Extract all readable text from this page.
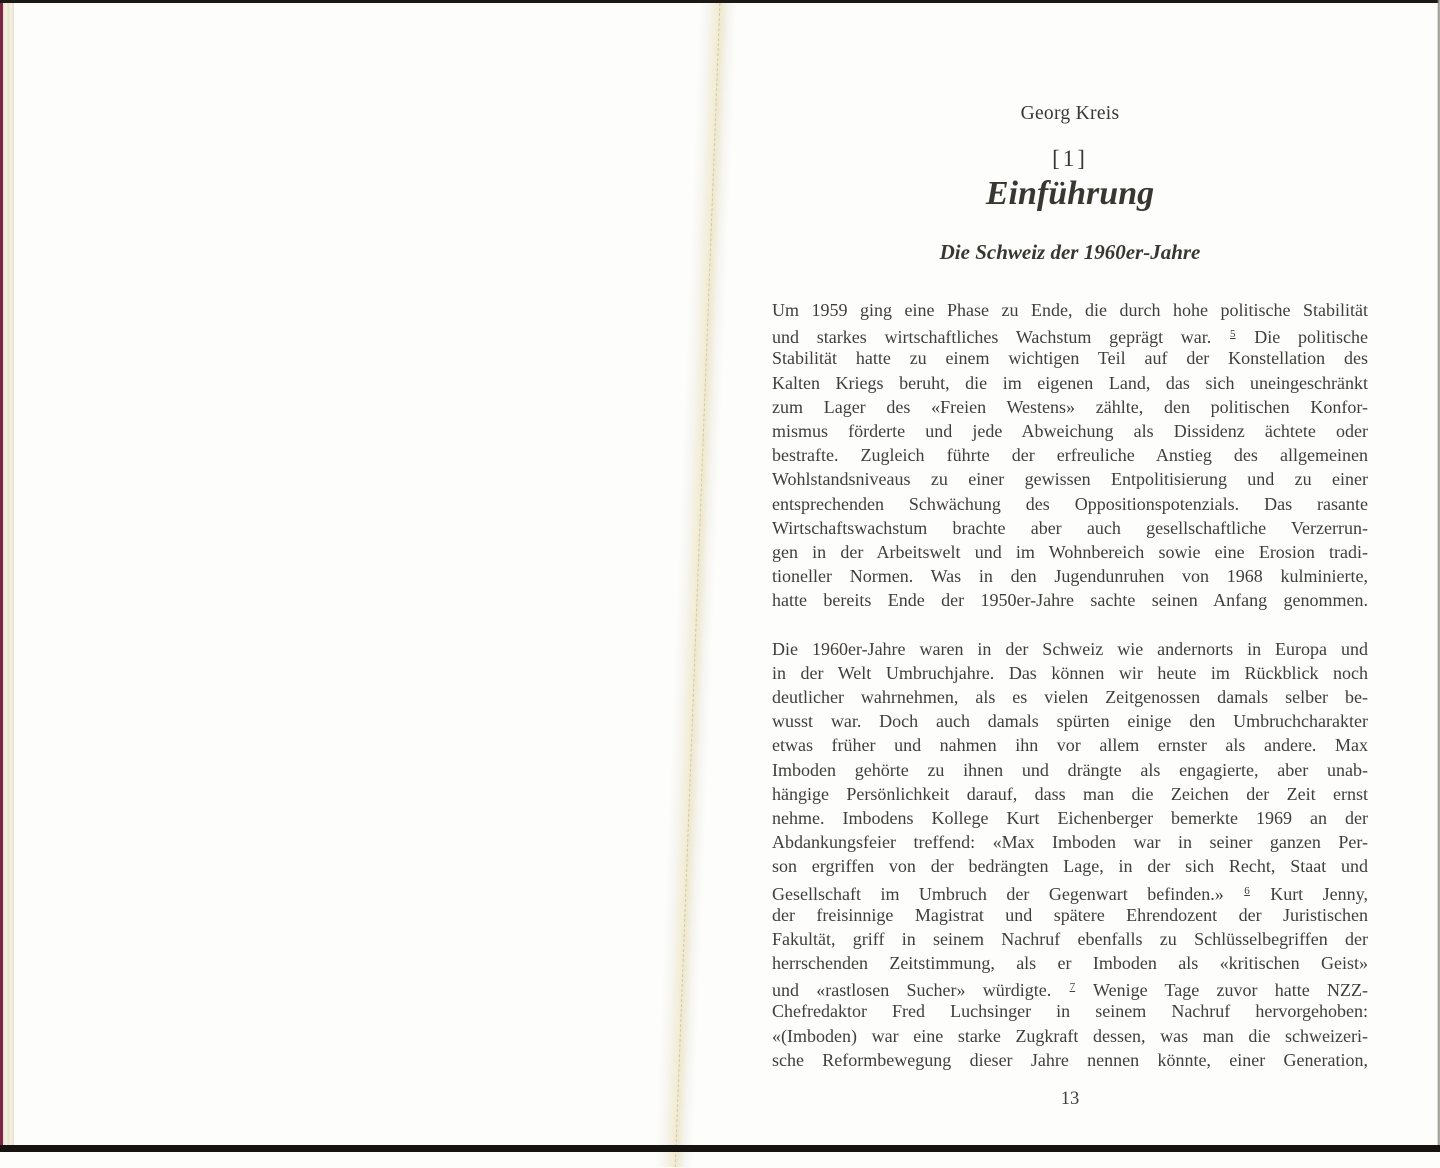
Georg Kreis
[1]
Einführung
Die Schweiz der 1960er-Jahre
Um 1959 ging eine Phase zu Ende, die durch hohe politische Stabilität
und starkes wirtschaftliches Wachstum geprägt war. $^5$ Die politische
Stabilität hatte zu einem wichtigen Teil auf der Konstellation des
Kalten Kriegs beruht, die im eigenen Land, das sich uneingeschränkt
zum Lager des «Freien Westens» zählte, den politischen Konfor-
mismus förderte und jede Abweichung als Dissidenz ächtete oder
bestrafte. Zugleich führte der erfreuliche Anstieg des allgemeinen
Wohlstandsniveaus zu einer gewissen Entpolitisierung und zu einer
entsprechenden Schwächung des Oppositionspotenzials. Das rasante
Wirtschaftswachstum brachte aber auch gesellschaftliche Verzerrun-
gen in der Arbeitswelt und im Wohnbereich sowie eine Erosion tradi-
tioneller Normen. Was in den Jugendunruhen von 1968 kulminierte,
hatte bereits Ende der 1950er-Jahre sachte seinen Anfang genommen.
Die 1960er-Jahre waren in der Schweiz wie andernorts in Europa und
in der Welt Umbruchjahre. Das können wir heute im Rückblick noch
deutlicher wahrnehmen, als es vielen Zeitgenossen damals selber be-
wusst war. Doch auch damals spürten einige den Umbruchcharakter
etwas früher und nahmen ihn vor allem ernster als andere. Max
Imboden gehörte zu ihnen und drängte als engagierte, aber unab-
hängige Persönlichkeit darauf, dass man die Zeichen der Zeit ernst
nehme. Imbodens Kollege Kurt Eichenberger bemerkte 1969 an der
Abdankungsfeier treffend: «Max Imboden war in seiner ganzen Per-
son ergriffen von der bedrängten Lage, in der sich Recht, Staat und
Gesellschaft im Umbruch der Gegenwart befinden.» $^6$ Kurt Jenny,
der freisinnige Magistrat und spätere Ehrendozent der Juristischen
Fakultät, griff in seinem Nachruf ebenfalls zu Schlüsselbegriffen der
herrschenden Zeitstimmung, als er Imboden als «kritischen Geist»
und «rastlosen Sucher» würdigte. $^7$ Wenige Tage zuvor hatte NZZ-
Chefredaktor Fred Luchsinger in seinem Nachruf hervorgehoben:
«(Imboden) war eine starke Zugkraft dessen, was man die schweizeri-
sche Reformbewegung dieser Jahre nennen könnte, einer Generation,
13
